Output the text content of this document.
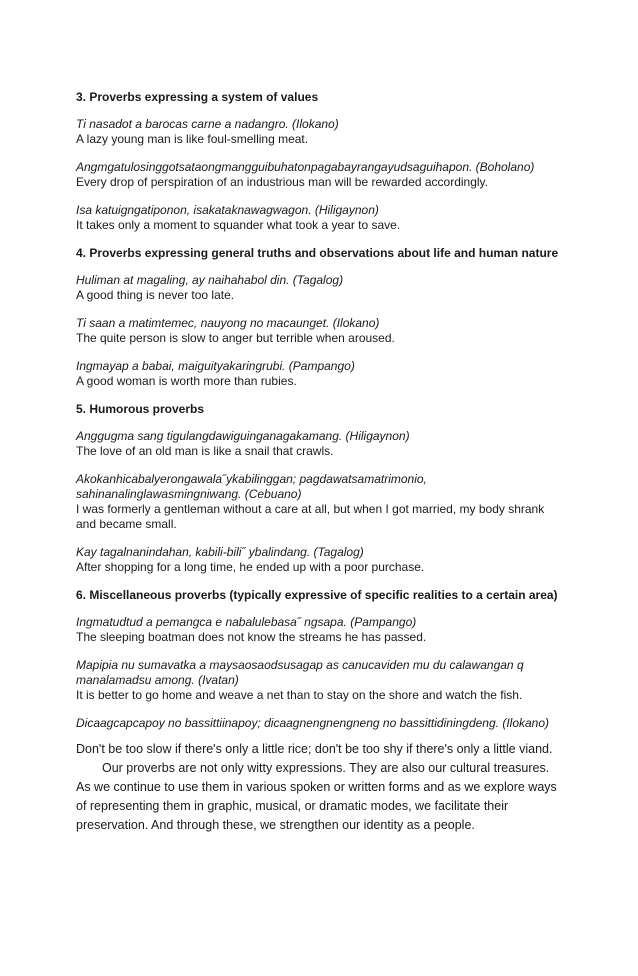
3. Proverbs expressing a system of values
Ti nasadot a barocas carne a nadangro. (Ilokano)
A lazy young man is like foul-smelling meat.
Angmgatulosinggotsataongmangguibuhatonpagabayrangayudsaguihapon. (Boholano)
Every drop of perspiration of an industrious man will be rewarded accordingly.
Isa katuigngatiponon, isakataknawagwagon. (Hiligaynon)
It takes only a moment to squander what took a year to save.
4. Proverbs expressing general truths and observations about life and human nature
Huliman at magaling, ay naihahabol din. (Tagalog)
A good thing is never too late.
Ti saan a matimtemec, nauyong no macaunget. (Ilokano)
The quite person is slow to anger but terrible when aroused.
Ingmayap a babai, maiguityakaringrubi. (Pampango)
A good woman is worth more than rubies.
5. Humorous proverbs
Anggugma sang tigulangdawiguinganagakamang. (Hiligaynon)
The love of an old man is like a snail that crawls.
Akokanhicabalyerongawala˝ykabilinggan; pagdawatsamatrimonio, sahinanalinglawasmingniwang. (Cebuano)
I was formerly a gentleman without a care at all, but when I got married, my body shrank and became small.
Kay tagalnanindahan, kabili-bili˝ ybalindang. (Tagalog)
After shopping for a long time, he ended up with a poor purchase.
6. Miscellaneous proverbs (typically expressive of specific realities to a certain area)
Ingmatudtud a pemangca e nabalulebasa˝ ngsapa. (Pampango)
The sleeping boatman does not know the streams he has passed.
Mapipia nu sumavatka a maysaosaodsusagap as canucaviden mu du calawangan q manalamadsu among. (Ivatan)
It is better to go home and weave a net than to stay on the shore and watch the fish.
Dicaagcapcapoy no bassittiinapoy; dicaagnengnengneng no bassittidiningdeng. (Ilokano)

Don't be too slow if there's only a little rice; don't be too shy if there's only a little viand.

Our proverbs are not only witty expressions. They are also our cultural treasures. As we continue to use them in various spoken or written forms and as we explore ways of representing them in graphic, musical, or dramatic modes, we facilitate their preservation. And through these, we strengthen our identity as a people.
